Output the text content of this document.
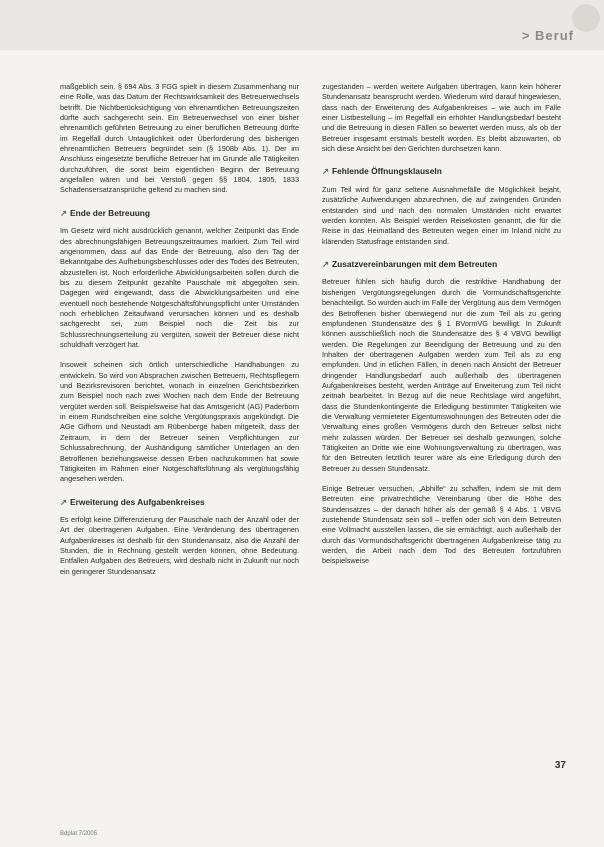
> Beruf

maßgeblich sein. § 694 Abs. 3 FGG spielt in diesem Zusammenhang nur eine Rolle, was das Datum der Rechtswirksamkeit des Betreuerwechsels betrifft. Die Nichtberücksichtigung von ehrenamtlichen Betreuungszeiten dürfte auch sachgerecht sein. Ein Betreuerwechsel von einer bisher ehrenamtlich geführten Betreuung zu einer beruflichen Betreuung dürfte im Regelfall durch Untauglichkeit oder Überforderung des bisherigen ehrenamtlichen Betreuers begründet sein (§ 1908b Abs. 1). Der im Anschluss eingesetzte berufliche Betreuer hat im Grunde alle Tätigkeiten durchzuführen, die sonst beim eigentlichen Beginn der Betreuung angefallen wären und bei Verstoß gegen §§ 1804, 1805, 1833 Schadensersatzansprüche geltend zu machen sind.

↗ Ende der Betreuung

Im Gesetz wird nicht ausdrücklich genannt, welcher Zeitpunkt das Ende des abrechnungsfähigen Betreuungszeitraumes markiert. Zum Teil wird angenommen, dass auf das Ende der Betreuung, also den Tag der Bekanntgabe des Aufhebungsbeschlusses oder des Todes des Betreuten, abzustellen ist. Noch erforderliche Abwicklungsarbeiten sollen durch die bis zu diesem Zeitpunkt gezahlte Pauschale mit abgegolten sein. Dagegen wird eingewandt, dass die Abwicklungsarbeiten und eine eventuell noch bestehende Notgeschäftsführungspflicht unter Umständen noch erheblichen Zeitaufwand verursachen können und es deshalb sachgerecht sei, zum Beispiel noch die Zeit bis zur Schlussrechnungserteilung zu vergüten, soweit der Betreuer diese nicht schuldhaft verzögert hat.

Insoweit scheinen sich örtlich unterschiedliche Handhabungen zu entwickeln. So wird von Absprachen zwischen Betreuern, Rechtspflegern und Bezirksrevisoren berichtet, wonach in einzelnen Gerichtsbezirken zum Beispiel noch nach zwei Wochen nach dem Ende der Betreuung vergütet werden soll. Beispielsweise hat das Amtsgericht (AG) Paderborn in einem Rundschreiben eine solche Vergütungspraxis angekündigt. Die AGe Gifhorn und Neustadt am Rübenberge haben mitgeteilt, dass der Zeitraum, in dem der Betreuer seinen Verpflichtungen zur Schlussabrechnung, der Aushändigung sämtlicher Unterlagen an den Betroffenen beziehungsweise dessen Erben nachzukommen hat sowie Tätigkeiten im Rahmen einer Notgeschäftsführung als vergütungsfähig angesehen werden.

↗ Erweiterung des Aufgabenkreises

Es erfolgt keine Differenzierung der Pauschale nach der Anzahl oder der Art der übertragenen Aufgaben. Eine Veränderung des übertragenen Aufgabenkreises ist deshalb für den Stundenansatz, also die Anzahl der Stunden, die in Rechnung gestellt werden können, ohne Bedeutung. Entfallen Aufgaben des Betreuers, wird deshalb nicht in Zukunft nur noch ein geringerer Stundenansatz

zugestanden – werden weitere Aufgaben übertragen, kann kein höherer Stundenansatz beansprucht werden. Wiederum wird darauf hingewiesen, dass nach der Erweiterung des Aufgabenkreises – wie auch im Falle einer Listbestellung – im Regelfall ein erhöhter Handlungsbedarf besteht und die Betreuung in diesen Fällen so bewertet werden muss, als ob der Betreuer insgesamt erstmals bestellt worden. Es bleibt abzuwarten, ob sich diese Ansicht bei den Gerichten durchsetzen kann.

↗ Fehlende Öffnungsklauseln

Zum Teil wird für ganz seltene Ausnahmefälle die Möglichkeit bejaht, zusätzliche Aufwendungen abzurechnen, die auf zwingenden Gründen entstanden sind und nach den normalen Umständen nicht erwartet werden konnten. Als Beispiel werden Reisekosten genannt, die für die Reise in das Heimatland des Betreuten wegen einer im Inland nicht zu klärenden Statusfrage entstanden sind.

↗ Zusatzvereinbarungen mit dem Betreuten

Betreuer fühlen sich häufig durch die restriktive Handhabung der bisherigen Vergütungsregelungen durch die Vormundschaftsgerichte benachteiligt. So wurden auch im Falle der Vergütung aus dem Vermögen des Betroffenen bisher überwiegend nur die zum Teil als zu gering empfundenen Stundensätze des § 1 BVormVG bewilligt. In Zukunft können ausschließlich noch die Stundensätze des § 4 VBVG bewilligt werden. Die Regelungen zur Beendigung der Betreuung und zu den Inhalten der übertragenen Aufgaben werden zum Teil als zu eng empfunden. Und in etlichen Fällen, in denen nach Ansicht der Betreuer dringender Handlungsbedarf auch außerhalb des übertragenen Aufgabenkreises besteht, werden Anträge auf Erweiterung zum Teil nicht zeitnah bearbeitet. In Bezug auf die neue Rechtslage wird angeführt, dass die Stundenkontingente die Erledigung bestimmter Tätigkeiten wie die Verwaltung vermieteter Eigentumswohnungen des Betreuten oder die Verwaltung eines großen Vermögens durch den Betreuer selbst nicht mehr zulassen würden. Der Betreuer sei deshalb gezwungen, solche Tätigkeiten an Dritte wie eine Wohnungsverwaltung zu übertragen, was für den Betreuten letztlich teurer wäre als eine Erledigung durch den Betreuer zu dessen Stundensatz.

Einige Betreuer versuchen, „Abhilfe“ zu schaffen, indem sie mit dem Betreuten eine privatrechtliche Vereinbarung über die Höhe des Stundensatzes – der danach höher als der gemäß § 4 Abs. 1 VBVG zustehende Stundensatz sein soll – treffen oder sich von dem Betreuten eine Vollmacht ausstellen lassen, die sie ermächtigt, auch außerhalb der durch das Vormundschaftsgericht übertragenen Aufgabenkreise tätig zu werden, die Arbeit nach dem Tod des Betreuten fortzuführen beispielsweise

37
Bdplat 7/2005
